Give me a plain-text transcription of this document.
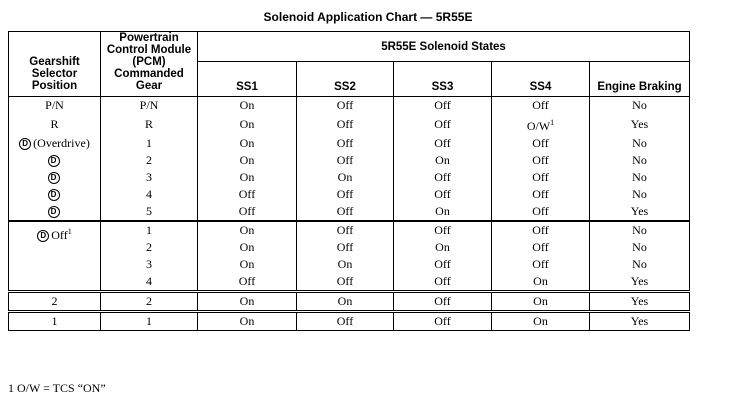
Solenoid Application Chart — 5R55E
Gearshift Selector Position	Powertrain Control Module (PCM) Commanded Gear	5R55E Solenoid States				
		SS1	SS2	SS3	SS4	Engine Braking
P/N	P/N	On	Off	Off	Off	No
R	R	On	Off	Off	$O/W^1$	Yes
D (Overdrive)	1	On	Off	Off	Off	No
D	2	On	Off	On	Off	No
D	3	On	On	Off	Off	No
D	4	Off	Off	Off	Off	No
D	5	Off	Off	On	Off	Yes
D Off$^1$	1	On	Off	Off	Off	No
	2	On	Off	On	Off	No
	3	On	On	Off	Off	No
	4	Off	Off	Off	On	Yes
2	2	On	On	Off	On	Yes
1	1	On	Off	Off	On	Yes
1 O/W = TCS “ON”
